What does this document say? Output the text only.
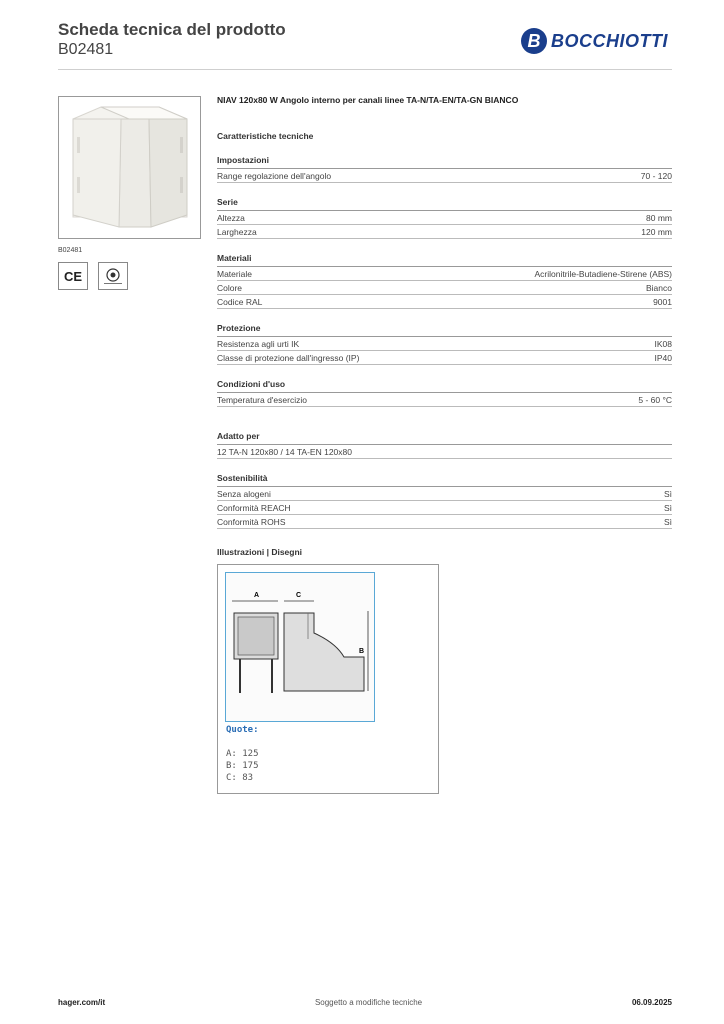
Scheda tecnica del prodotto
B02481	B BOCCHIOTTI
B02481
CE
NIAV 120x80 W Angolo interno per canali linee TA-N/TA-EN/TA-GN BIANCO
Caratteristiche tecniche
Impostazioni
Range regolazione dell'angolo	70 - 120
Serie
Altezza	80 mm
Larghezza	120 mm
Materiali
Materiale	Acrilonitrile-Butadiene-Stirene (ABS)
Colore	Bianco
Codice RAL	9001
Protezione
Resistenza agli urti IK	IK08
Classe di protezione dall'ingresso (IP)	IP40
Condizioni d'uso
Temperatura d'esercizio	5 - 60 °C
Adatto per
12 TA-N 120x80 / 14 TA-EN 120x80
Sostenibilità
Senza alogeni	Sì
Conformità REACH	Sì
Conformità ROHS	Sì
Illustrazioni | Disegni
A	C
B
Quote:
A: 125
B: 175
C: 83
hager.com/it	Soggetto a modifiche tecniche	06.09.2025
